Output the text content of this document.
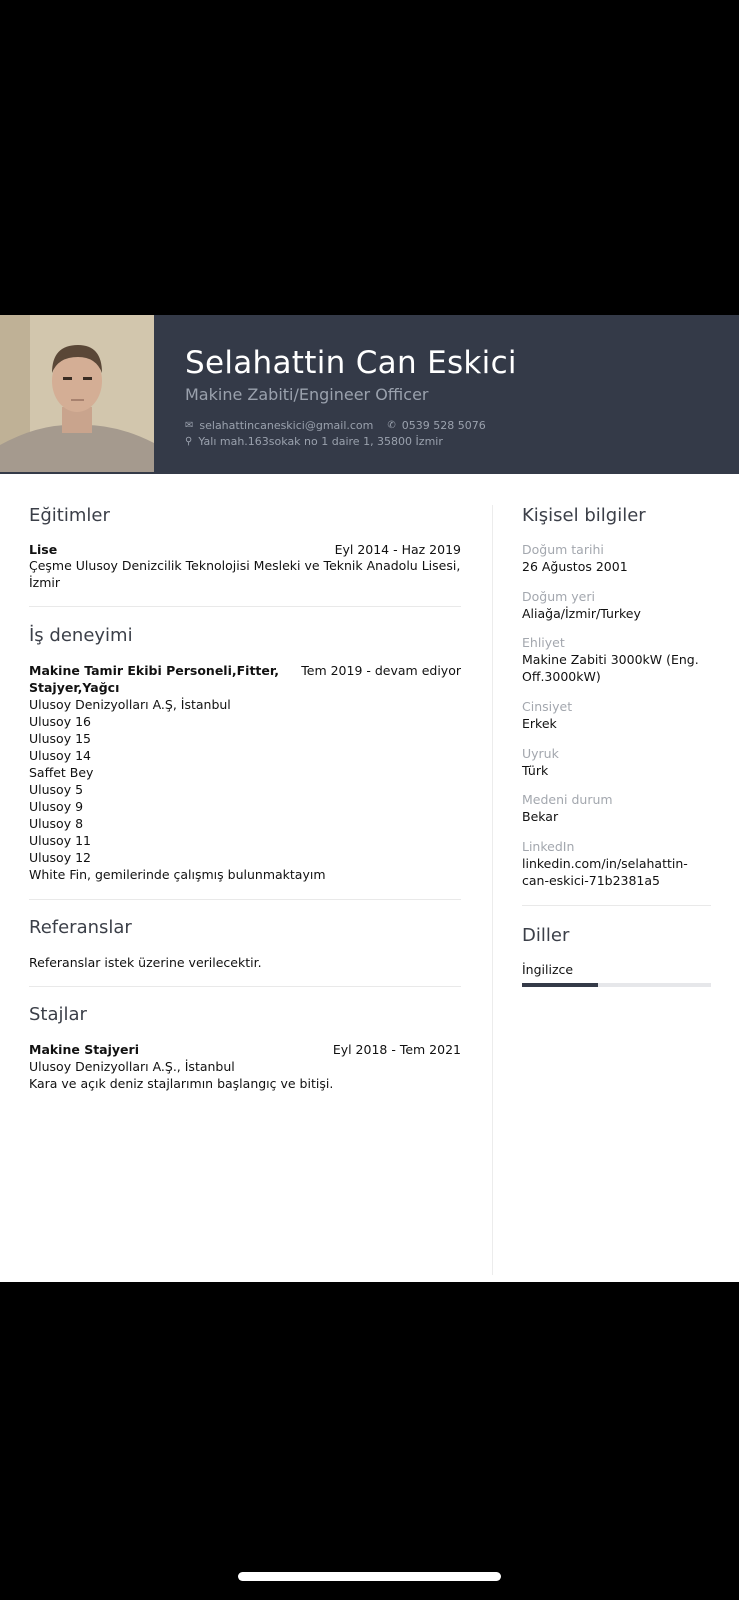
Selahattin Can Eskici
Makine Zabiti/Engineer Officer
✉ selahattincaneskici@gmail.com ✆ 0539 528 5076
⚲ Yalı mah.163sokak no 1 daire 1, 35800 İzmir
Eğitimler
Lise	Eyl 2014 - Haz 2019
Çeşme Ulusoy Denizcilik Teknolojisi Mesleki ve Teknik Anadolu Lisesi,
İzmir
İş deneyimi
Makine Tamir Ekibi Personeli,Fitter, Tem 2019 - devam ediyor
Stajyer,Yağcı
Ulusoy Denizyolları A.Ş, İstanbul
Ulusoy 16
Ulusoy 15
Ulusoy 14
Saffet Bey
Ulusoy 5
Ulusoy 9
Ulusoy 8
Ulusoy 11
Ulusoy 12
White Fin, gemilerinde çalışmış bulunmaktayım
Referanslar
Referanslar istek üzerine verilecektir.
Stajlar
Makine Stajyeri	Eyl 2018 - Tem 2021
Ulusoy Denizyolları A.Ş., İstanbul
Kara ve açık deniz stajlarımın başlangıç ve bitişi.
Kişisel bilgiler
Doğum tarihi
26 Ağustos 2001
Doğum yeri
Aliağa/İzmir/Turkey
Ehliyet
Makine Zabiti 3000kW (Eng. Off.3000kW)
Cinsiyet
Erkek
Uyruk
Türk
Medeni durum
Bekar
LinkedIn
linkedin.com/in/selahattin-can-eskici-71b2381a5
Diller
İngilizce
